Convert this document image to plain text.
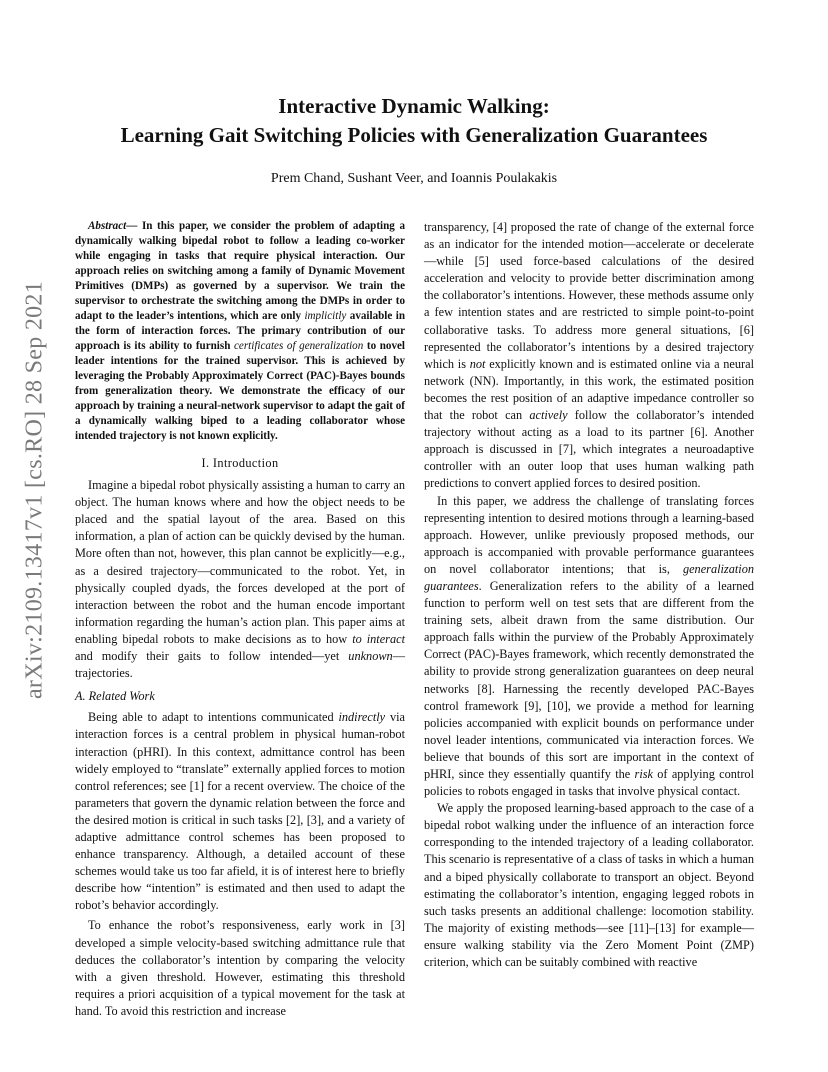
Interactive Dynamic Walking:
Learning Gait Switching Policies with Generalization Guarantees
Prem Chand, Sushant Veer, and Ioannis Poulakakis
arXiv:2109.13417v1 [cs.RO] 28 Sep 2021

Abstract— In this paper, we consider the problem of adapting a dynamically walking bipedal robot to follow a leading co-worker while engaging in tasks that require physical interaction. Our approach relies on switching among a family of Dynamic Movement Primitives (DMPs) as governed by a supervisor. We train the supervisor to orchestrate the switching among the DMPs in order to adapt to the leader’s intentions, which are only implicitly available in the form of interaction forces. The primary contribution of our approach is its ability to furnish certificates of generalization to novel leader intentions for the trained supervisor. This is achieved by leveraging the Probably Approximately Correct (PAC)-Bayes bounds from generalization theory. We demonstrate the efficacy of our approach by training a neural-network supervisor to adapt the gait of a dynamically walking biped to a leading collaborator whose intended trajectory is not known explicitly.

I. Introduction

Imagine a bipedal robot physically assisting a human to carry an object. The human knows where and how the object needs to be placed and the spatial layout of the area. Based on this information, a plan of action can be quickly devised by the human. More often than not, however, this plan cannot be explicitly—e.g., as a desired trajectory—communicated to the robot. Yet, in physically coupled dyads, the forces developed at the port of interaction between the robot and the human encode important information regarding the human’s action plan. This paper aims at enabling bipedal robots to make decisions as to how to interact and modify their gaits to follow intended—yet unknown—trajectories.

A. Related Work

Being able to adapt to intentions communicated indirectly via interaction forces is a central problem in physical human-robot interaction (pHRI). In this context, admittance control has been widely employed to “translate” externally applied forces to motion control references; see [1] for a recent overview. The choice of the parameters that govern the dynamic relation between the force and the desired motion is critical in such tasks [2], [3], and a variety of adaptive admittance control schemes has been proposed to enhance transparency. Although, a detailed account of these schemes would take us too far afield, it is of interest here to briefly describe how “intention” is estimated and then used to adapt the robot’s behavior accordingly.

To enhance the robot’s responsiveness, early work in [3] developed a simple velocity-based switching admittance rule that deduces the collaborator’s intention by comparing the velocity with a given threshold. However, estimating this threshold requires a priori acquisition of a typical movement for the task at hand. To avoid this restriction and increase

transparency, [4] proposed the rate of change of the external force as an indicator for the intended motion—accelerate or decelerate—while [5] used force-based calculations of the desired acceleration and velocity to provide better discrimination among the collaborator’s intentions. However, these methods assume only a few intention states and are restricted to simple point-to-point collaborative tasks. To address more general situations, [6] represented the collaborator’s intentions by a desired trajectory which is not explicitly known and is estimated online via a neural network (NN). Importantly, in this work, the estimated position becomes the rest position of an adaptive impedance controller so that the robot can actively follow the collaborator’s intended trajectory without acting as a load to its partner [6]. Another approach is discussed in [7], which integrates a neuroadaptive controller with an outer loop that uses human walking path predictions to convert applied forces to desired position.

In this paper, we address the challenge of translating forces representing intention to desired motions through a learning-based approach. However, unlike previously proposed methods, our approach is accompanied with provable performance guarantees on novel collaborator intentions; that is, generalization guarantees. Generalization refers to the ability of a learned function to perform well on test sets that are different from the training sets, albeit drawn from the same distribution. Our approach falls within the purview of the Probably Approximately Correct (PAC)-Bayes framework, which recently demonstrated the ability to provide strong generalization guarantees on deep neural networks [8]. Harnessing the recently developed PAC-Bayes control framework [9], [10], we provide a method for learning policies accompanied with explicit bounds on performance under novel leader intentions, communicated via interaction forces. We believe that bounds of this sort are important in the context of pHRI, since they essentially quantify the risk of applying control policies to robots engaged in tasks that involve physical contact.

We apply the proposed learning-based approach to the case of a bipedal robot walking under the influence of an interaction force corresponding to the intended trajectory of a leading collaborator. This scenario is representative of a class of tasks in which a human and a biped physically collaborate to transport an object. Beyond estimating the collaborator’s intention, engaging legged robots in such tasks presents an additional challenge: locomotion stability. The majority of existing methods—see [11]–[13] for example—ensure walking stability via the Zero Moment Point (ZMP) criterion, which can be suitably combined with reactive
